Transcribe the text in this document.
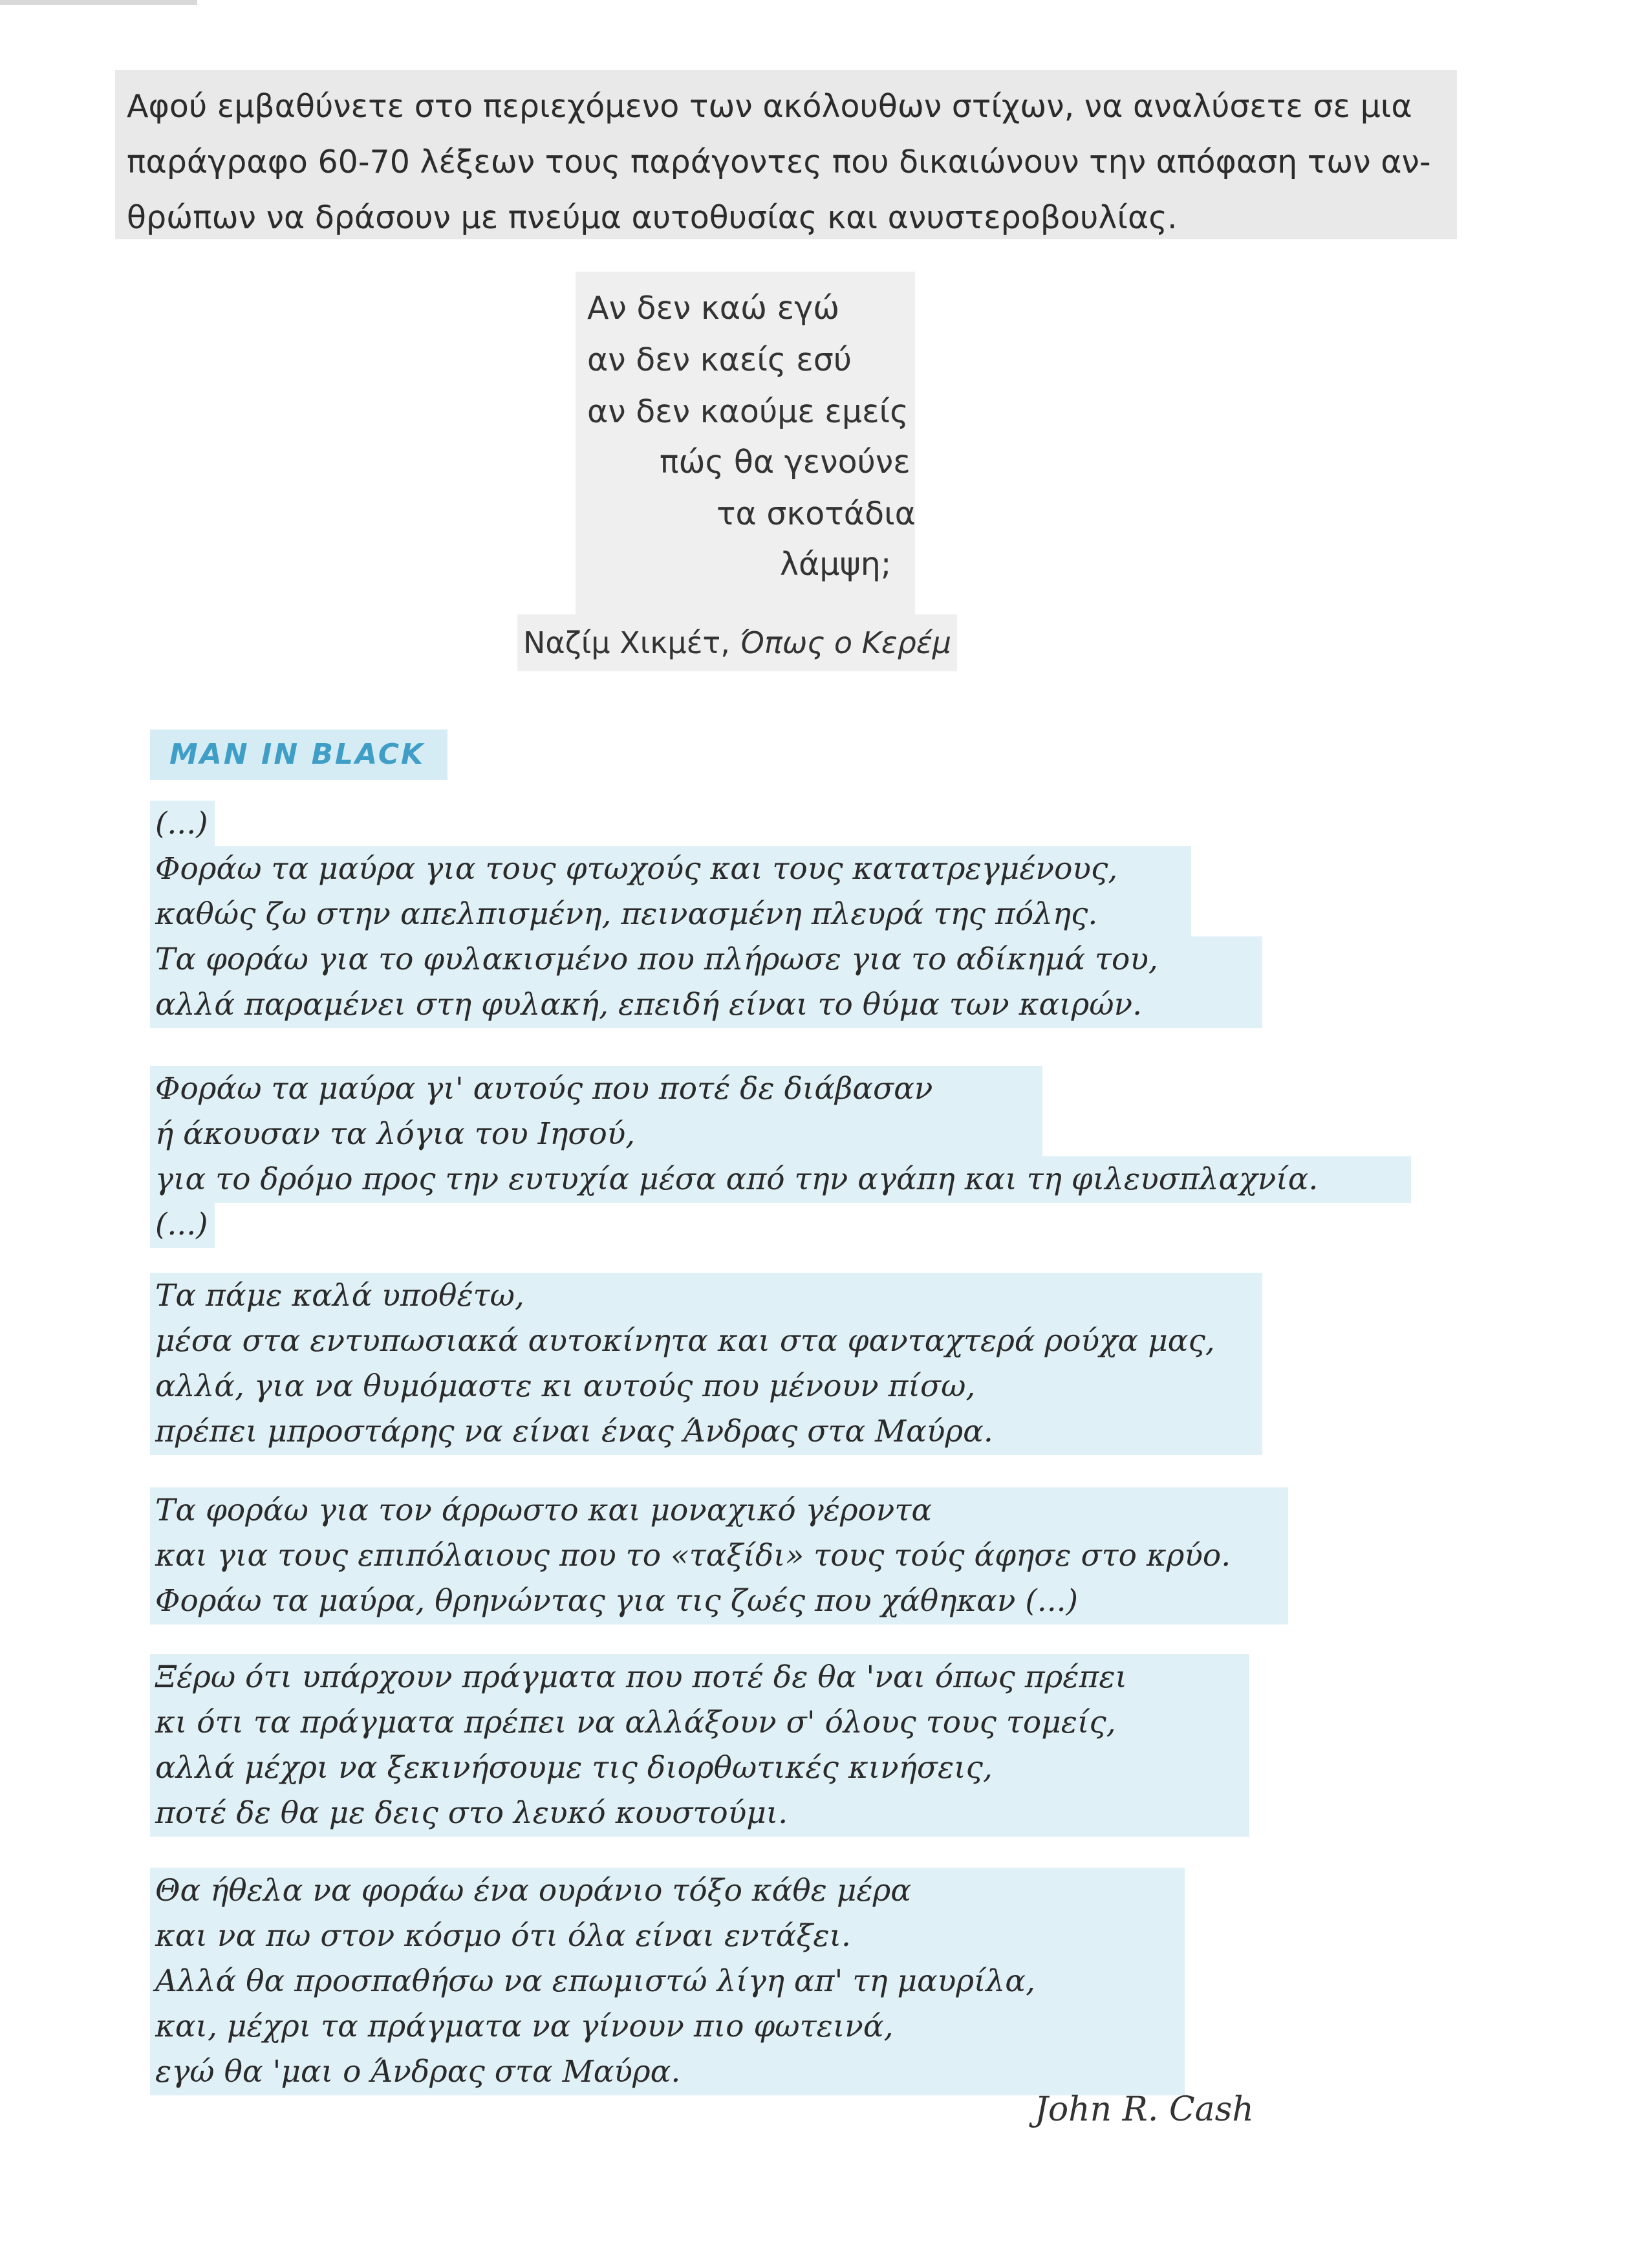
Αφού εμβαθύνετε στο περιεχόμενο των ακόλουθων στίχων, να αναλύσετε σε μια

παράγραφο 60-70 λέξεων τους παράγοντες που δικαιώνουν την απόφαση των αν-

θρώπων να δράσουν με πνεύμα αυτοθυσίας και ανυστεροβουλίας.

Αν δεν καώ εγώ
αν δεν καείς εσύ
αν δεν καούμε εμείς
πώς θα γενούνε
τα σκοτάδια
λάμψη;
Ναζίμ Χικμέτ, Όπως ο Κερέμ
MAN IN BLACK
(...)
Φοράω τα μαύρα για τους φτωχούς και τους κατατρεγμένους,
καθώς ζω στην απελπισμένη, πεινασμένη πλευρά της πόλης.
Τα φοράω για το φυλακισμένο που πλήρωσε για το αδίκημά του,
αλλά παραμένει στη φυλακή, επειδή είναι το θύμα των καιρών.
Φοράω τα μαύρα γι' αυτούς που ποτέ δε διάβασαν
ή άκουσαν τα λόγια του Ιησού,
για το δρόμο προς την ευτυχία μέσα από την αγάπη και τη φιλευσπλαχνία.
(...)
Τα πάμε καλά υποθέτω,
μέσα στα εντυπωσιακά αυτοκίνητα και στα φανταχτερά ρούχα μας,
αλλά, για να θυμόμαστε κι αυτούς που μένουν πίσω,
πρέπει μπροστάρης να είναι ένας Άνδρας στα Μαύρα.
Τα φοράω για τον άρρωστο και μοναχικό γέροντα
και για τους επιπόλαιους που το «ταξίδι» τους τούς άφησε στο κρύο.
Φοράω τα μαύρα, θρηνώντας για τις ζωές που χάθηκαν (...)
Ξέρω ότι υπάρχουν πράγματα που ποτέ δε θα 'ναι όπως πρέπει
κι ότι τα πράγματα πρέπει να αλλάξουν σ' όλους τους τομείς,
αλλά μέχρι να ξεκινήσουμε τις διορθωτικές κινήσεις,
ποτέ δε θα με δεις στο λευκό κουστούμι.
Θα ήθελα να φοράω ένα ουράνιο τόξο κάθε μέρα
και να πω στον κόσμο ότι όλα είναι εντάξει.
Αλλά θα προσπαθήσω να επωμιστώ λίγη απ' τη μαυρίλα,
και, μέχρι τα πράγματα να γίνουν πιο φωτεινά,
εγώ θα 'μαι ο Άνδρας στα Μαύρα.
John R. Cash
